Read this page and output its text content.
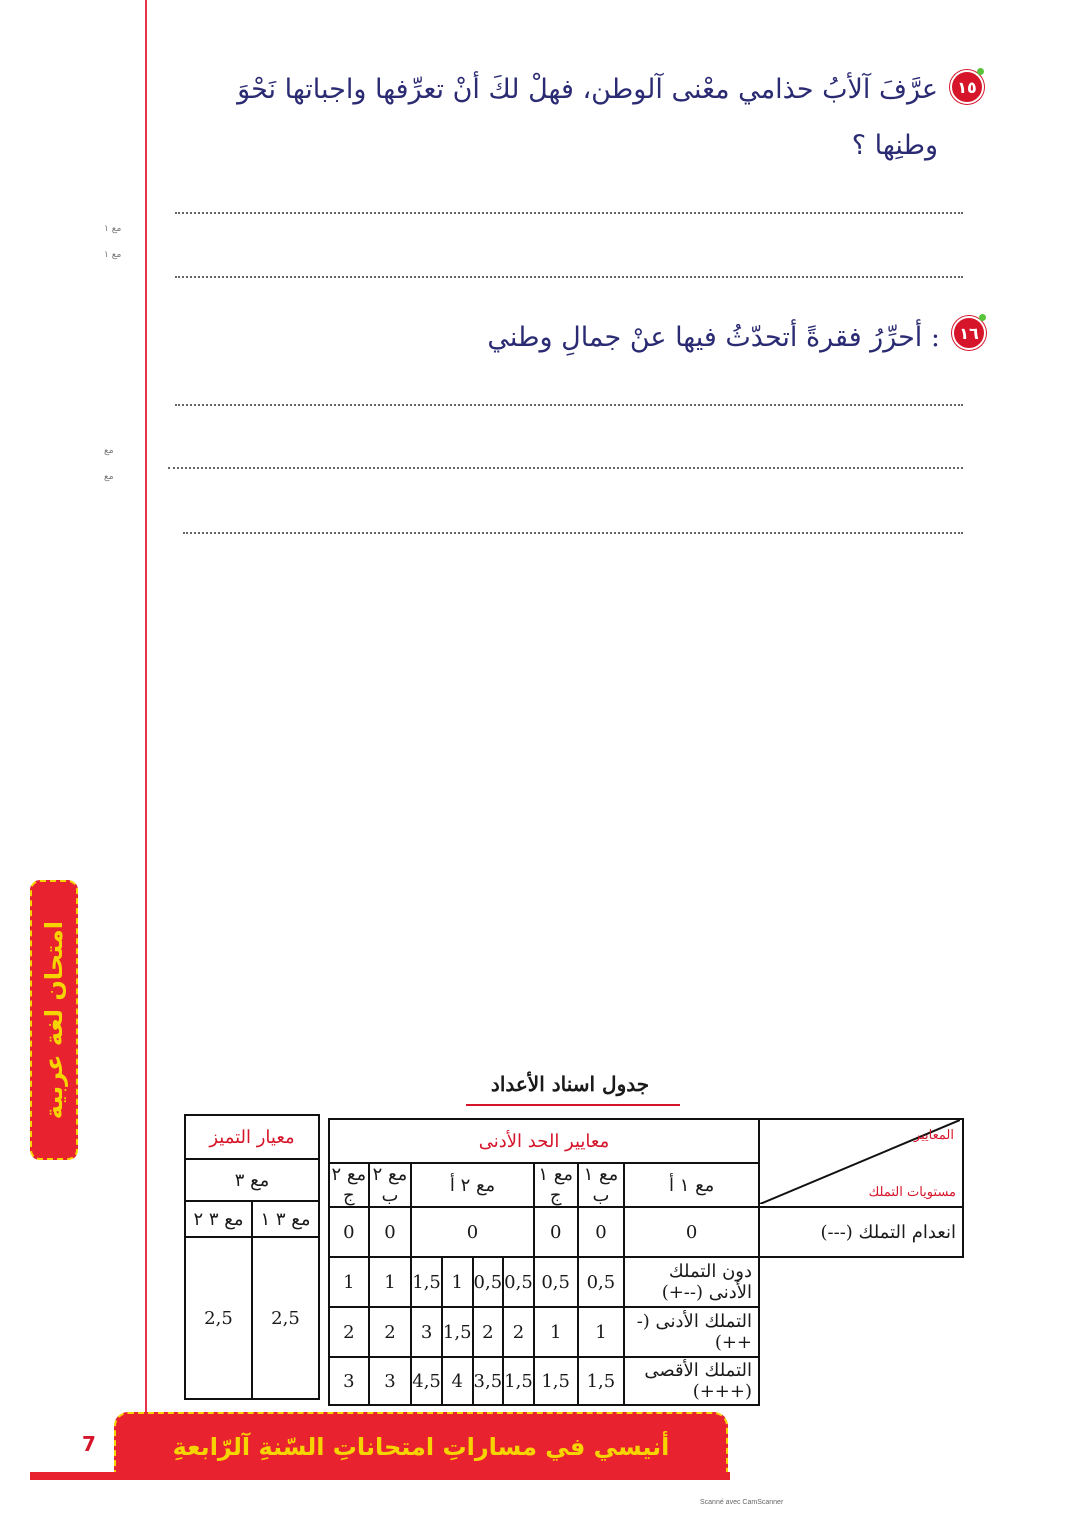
١٥
عرَّفَ آلأبُ حذامي معْنى آلوطن، فهلْ لكَ أنْ تعرِّفها واجباتها نَحْوَ
وطنِها ؟
مع ١
مع ١
١٦
أحرِّرُ فقرةً أتحدّثُ فيها عنْ جمالِ وطني :
مع
مع
امتحان لغة عربية	جدول اسناد الأعداد
معيار التميز	
مع ٣	
مع ٣ ٢	مع ٣ ١
2,5	2,5
معايير الحد الأدنى									المعايير
مستويات التملك

مع ٢ ج	مع ٢ ب	مع ٢ أ				مع ١ ج	مع ١ ب	مع ١ أ	
0	0	0				0	0	0	انعدام التملك (---)
1	1	1,5	1	0,5	0,5	0,5	0,5	دون التملك الأدنى (--+)	
2	2	3	1,5	2	2	1	1	التملك الأدنى (-++)	
3	3	4,5	4	3,5	1,5	1,5	1,5	التملك الأقصى (+++)	
7	أنيسي في مساراتِ امتحاناتِ السّنةِ آلرّابعةِ
Scanné avec CamScanner
